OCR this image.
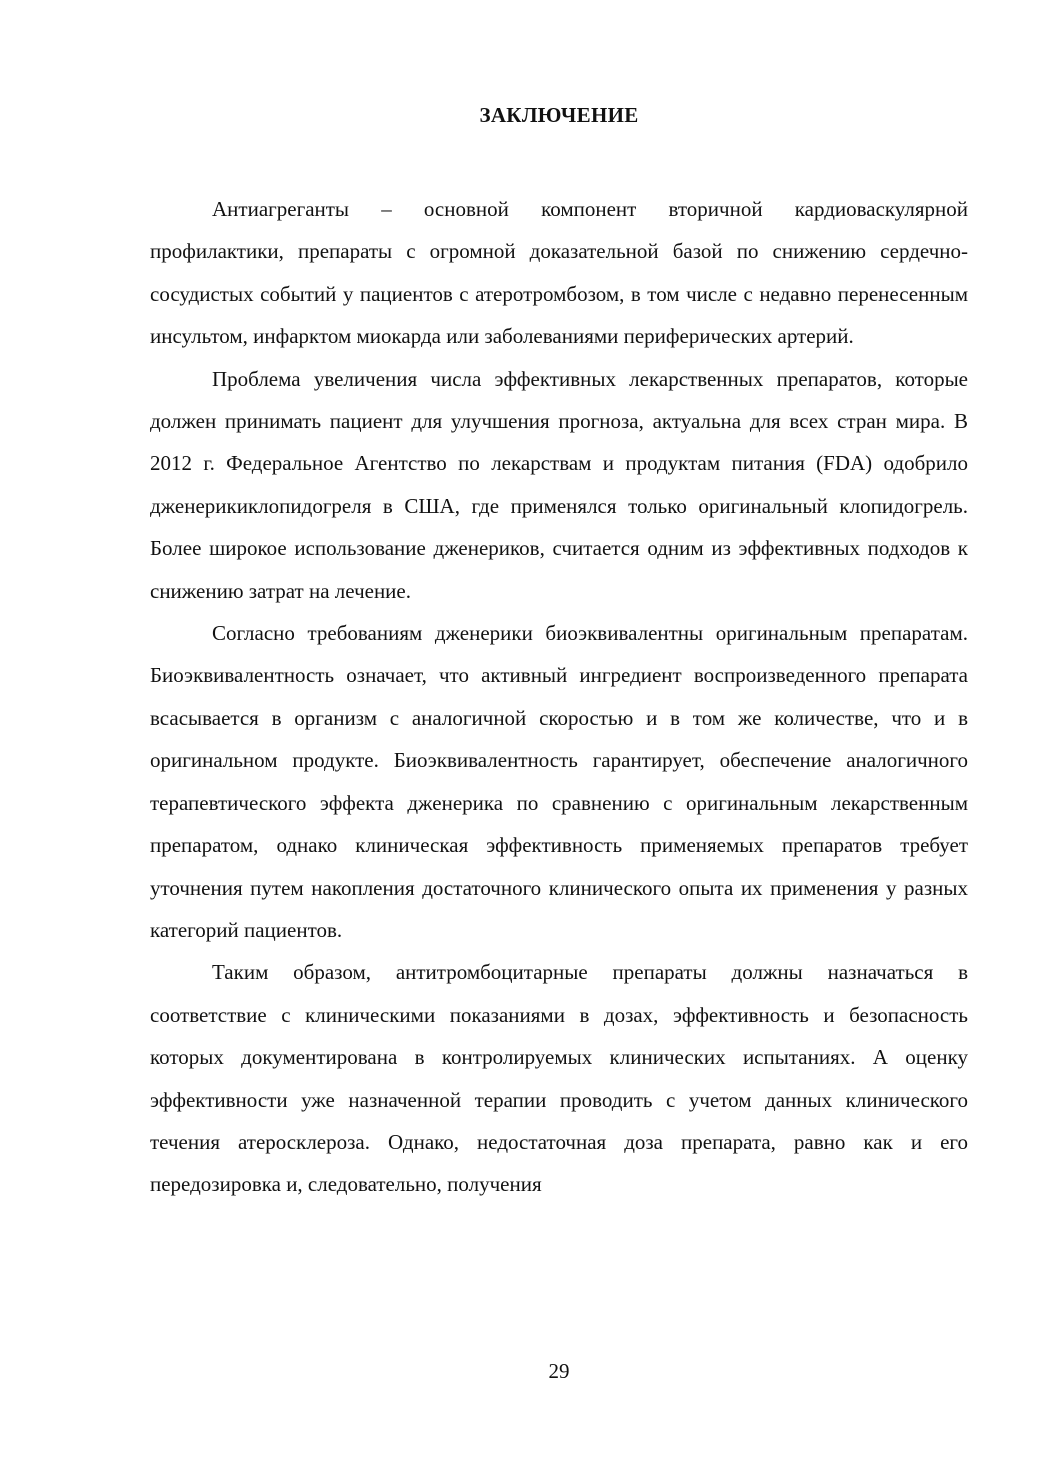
ЗАКЛЮЧЕНИЕ

Антиагреганты – основной компонент вторичной кардиоваскулярной профилактики, препараты с огромной доказательной базой по снижению сердечно-сосудистых событий у пациентов с атеротромбозом, в том числе с недавно перенесенным инсультом, инфарктом миокарда или заболеваниями периферических артерий.

Проблема увеличения числа эффективных лекарственных препаратов, которые должен принимать пациент для улучшения прогноза, актуальна для всех стран мира. В 2012 г. Федеральное Агентство по лекарствам и продуктам питания (FDA) одобрило дженерикиклопидогреля в США, где применялся только оригинальный клопидогрель. Более широкое использование дженериков, считается одним из эффективных подходов к снижению затрат на лечение.

Согласно требованиям дженерики биоэквивалентны оригинальным препаратам. Биоэквивалентность означает, что активный ингредиент воспроизведенного препарата всасывается в организм с аналогичной скоростью и в том же количестве, что и в оригинальном продукте. Биоэквивалентность гарантирует, обеспечение аналогичного терапевтического эффекта дженерика по сравнению с оригинальным лекарственным препаратом, однако клиническая эффективность применяемых препаратов требует уточнения путем накопления достаточного клинического опыта их применения у разных категорий пациентов.

Таким образом, антитромбоцитарные препараты должны назначаться в соответствие с клиническими показаниями в дозах, эффективность и безопасность которых документирована в контролируемых клинических испытаниях. А оценку эффективности уже назначенной терапии проводить с учетом данных клинического течения атеросклероза. Однако, недостаточная доза препарата, равно как и его передозировка и, следовательно, получения

29
